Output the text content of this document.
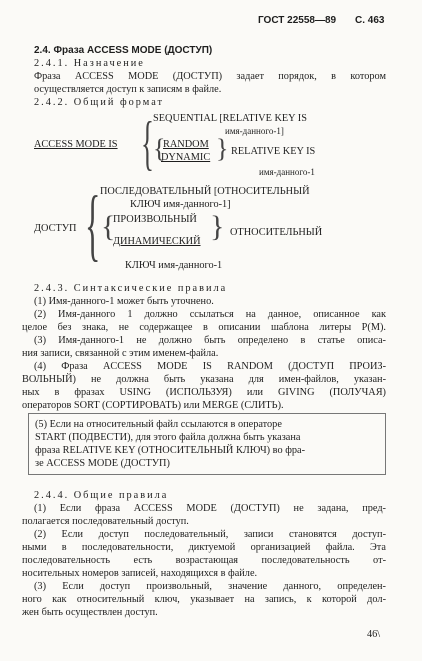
ГОСТ 22558—89 С. 463
2.4. Фраза ACCESS MODE (ДОСТУП)
2.4.1. Назначение
Фраза ACCESS MODE (ДОСТУП) задает порядок, в котором
осуществляется доступ к записям в файле.
2.4.2. Общий формат
ACCESS MODE IS { SEQUENTIAL [RELATIVE KEY IS
имя-данного-1]
{
RANDOM
DYNAMIC } RELATIVE KEY IS
имя-даннoго-1
ДОСТУП { ПОСЛЕДОВАТЕЛЬНЫЙ [ОТНОСИТЕЛЬНЫЙ
КЛЮЧ имя-данного-1]
{
ПРОИЗВОЛЬНЫЙ
ДИНАМИЧЕСКИЙ } ОТНОСИТЕЛЬНЫЙ
КЛЮЧ имя-данного-1
2.4.3. Синтаксические правила
(1) Имя-данного-1 может быть уточнено.
(2) Имя-данного 1 должно ссылаться на данное, описанное как
целое без знака, не содержащее в описании шаблона литеры P(M).
(3) Имя-данного-1 не должно быть определено в статье описа-
ния записи, связанной с этим именем-файла.
(4) Фраза ACCESS MODE IS RANDOM (ДОСТУП ПРОИЗ-
ВОЛЬНЫЙ) не должна быть указана для имен-файлов, указан-
ных в фразах USING (ИСПОЛЬЗУЯ) или GIVING (ПОЛУЧАЯ)
операторов SORT (СОРТИРОВАТЬ) или MERGE (СЛИТЬ).
(5) Если на относительный файл ссылаются в операторе
START (ПОДВЕСТИ), для этого файла должна быть указана
фраза RELATIVE KEY (ОТНОСИТЕЛЬНЫЙ КЛЮЧ) во фра-
зе ACCESS MODE (ДОСТУП)
2.4.4. Общие правила
(1) Если фраза ACCESS MODE (ДОСТУП) не задана, пред-
полагается последовательный доступ.
(2) Если доступ последовательный, записи становятся доступ-
ными в последовательности, диктуемой организацией файла. Эта
последовательность есть возрастающая последовательность от-
носительных номеров записей, находящихся в файле.
(3) Если доступ произвольный, значение данного, определен-
ного как относительный ключ, указывает на запись, к которой дол-
жен быть осуществлен доступ.
46\
